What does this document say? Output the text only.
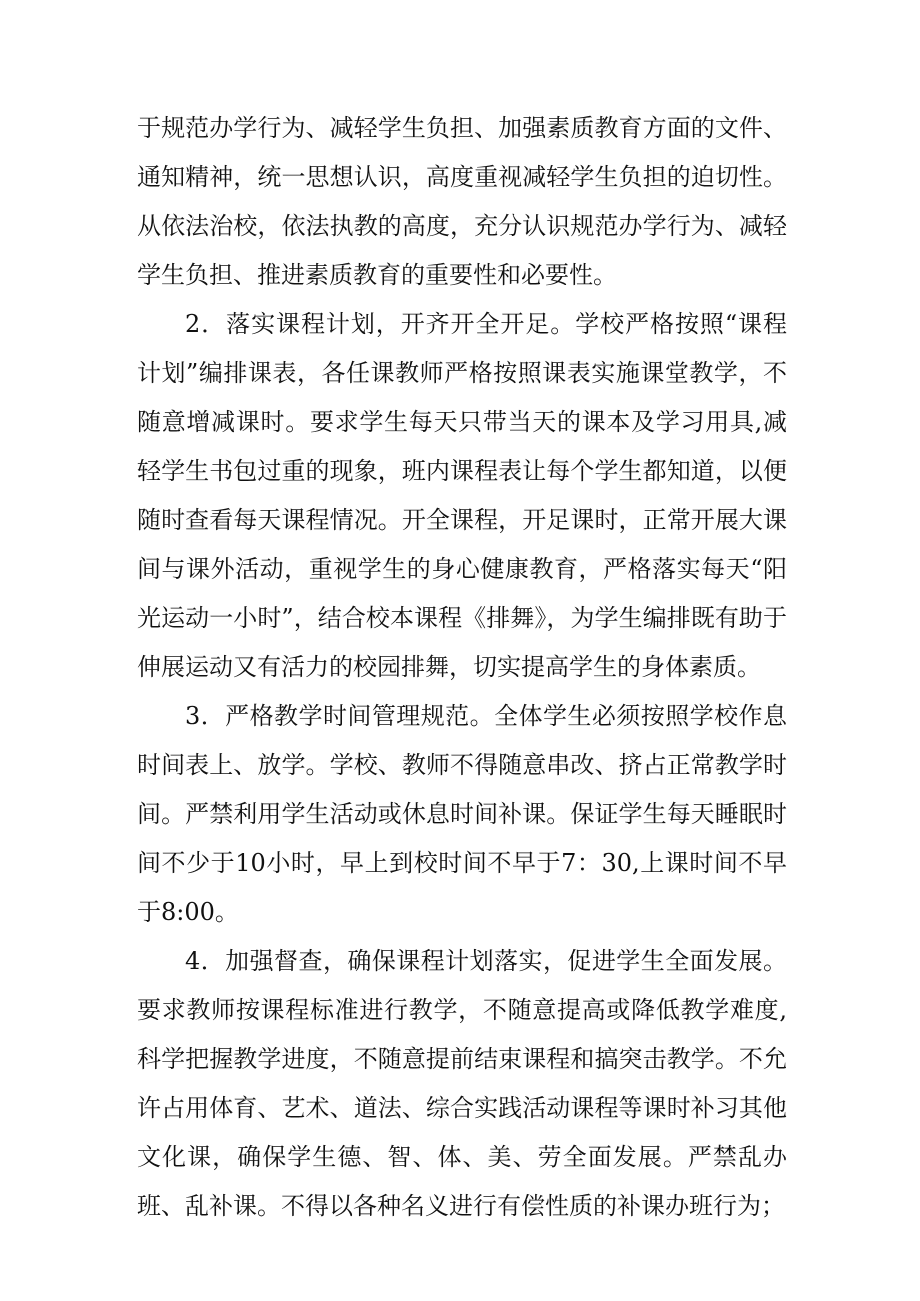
于规范办学行为、减轻学生负担、加强素质教育方面的文件、通知精神，统一思想认识，高度重视减轻学生负担的迫切性。从依法治校，依法执教的高度，充分认识规范办学行为、减轻学生负担、推进素质教育的重要性和必要性。

2．落实课程计划，开齐开全开足。学校严格按照“课程计划”编排课表，各任课教师严格按照课表实施课堂教学，不随意增减课时。要求学生每天只带当天的课本及学习用具,减轻学生书包过重的现象，班内课程表让每个学生都知道，以便随时查看每天课程情况。开全课程，开足课时，正常开展大课间与课外活动，重视学生的身心健康教育，严格落实每天“阳光运动一小时”，结合校本课程《排舞》，为学生编排既有助于伸展运动又有活力的校园排舞，切实提高学生的身体素质。

3．严格教学时间管理规范。全体学生必须按照学校作息时间表上、放学。学校、教师不得随意串改、挤占正常教学时间。严禁利用学生活动或休息时间补课。保证学生每天睡眠时间不少于10小时，早上到校时间不早于7：30,上课时间不早于8:00。

4．加强督查，确保课程计划落实，促进学生全面发展。要求教师按课程标准进行教学，不随意提高或降低教学难度,科学把握教学进度，不随意提前结束课程和搞突击教学。不允许占用体育、艺术、道法、综合实践活动课程等课时补习其他文化课，确保学生德、智、体、美、劳全面发展。严禁乱办班、乱补课。不得以各种名义进行有偿性质的补课办班行为；
